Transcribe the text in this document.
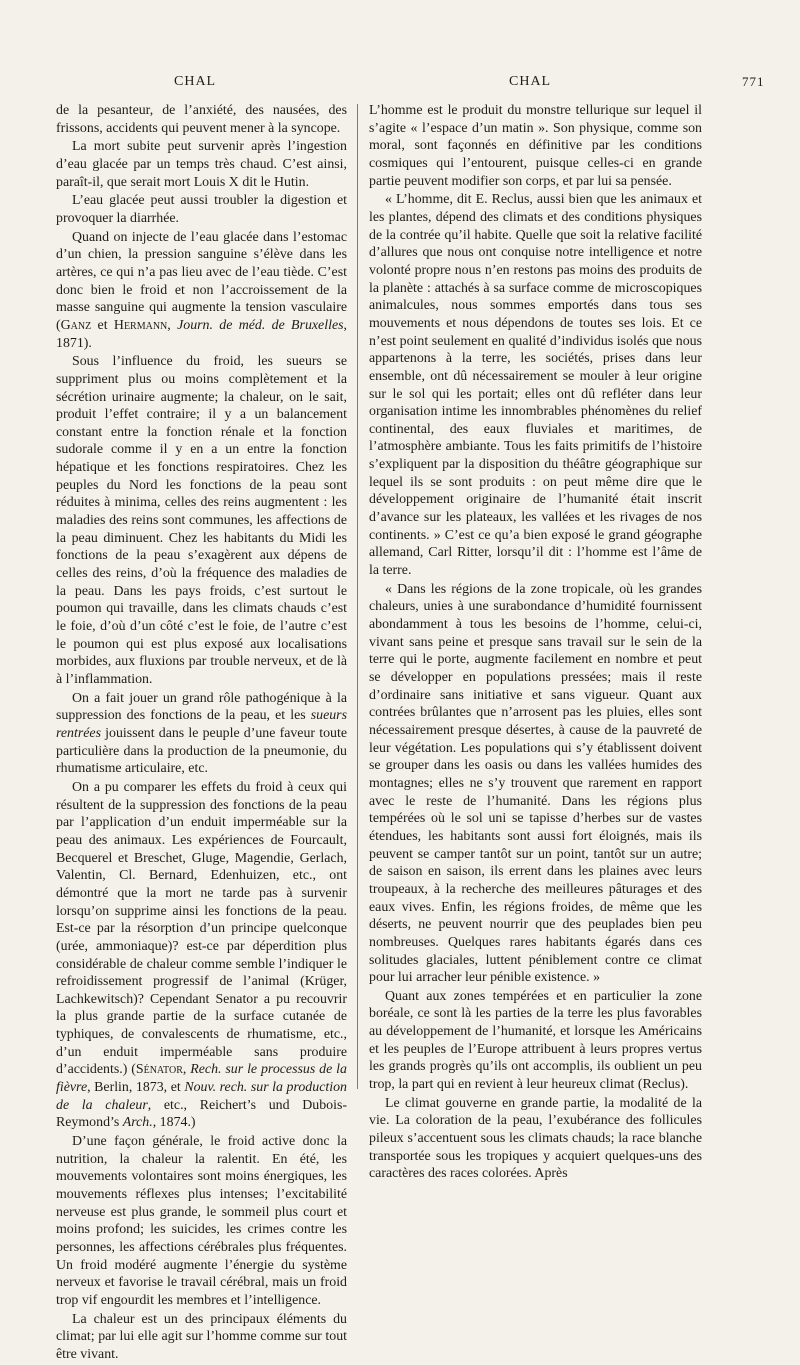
CHAL	CHAL	771

de la pesanteur, de l’anxiété, des nausées, des frissons, accidents qui peuvent mener à la syncope.

La mort subite peut survenir après l’ingestion d’eau glacée par un temps très chaud. C’est ainsi, paraît-il, que serait mort Louis X dit le Hutin.

L’eau glacée peut aussi troubler la digestion et provoquer la diarrhée.

Quand on injecte de l’eau glacée dans l’estomac d’un chien, la pression sanguine s’élève dans les artères, ce qui n’a pas lieu avec de l’eau tiède. C’est donc bien le froid et non l’accroissement de la masse sanguine qui augmente la tension vasculaire (Ganz et Hermann, Journ. de méd. de Bruxelles, 1871).

Sous l’influence du froid, les sueurs se suppriment plus ou moins complètement et la sécrétion urinaire augmente; la chaleur, on le sait, produit l’effet contraire; il y a un balancement constant entre la fonction rénale et la fonction sudorale comme il y en a un entre la fonction hépatique et les fonctions respiratoires. Chez les peuples du Nord les fonctions de la peau sont réduites à minima, celles des reins augmentent : les maladies des reins sont communes, les affections de la peau diminuent. Chez les habitants du Midi les fonctions de la peau s’exagèrent aux dépens de celles des reins, d’où la fréquence des maladies de la peau. Dans les pays froids, c’est surtout le poumon qui travaille, dans les climats chauds c’est le foie, d’où d’un côté c’est le foie, de l’autre c’est le poumon qui est plus exposé aux localisations morbides, aux fluxions par trouble nerveux, et de là à l’inflammation.

On a fait jouer un grand rôle pathogénique à la suppression des fonctions de la peau, et les sueurs rentrées jouissent dans le peuple d’une faveur toute particulière dans la production de la pneumonie, du rhumatisme articulaire, etc.

On a pu comparer les effets du froid à ceux qui résultent de la suppression des fonctions de la peau par l’application d’un enduit imperméable sur la peau des animaux. Les expériences de Fourcault, Becquerel et Breschet, Gluge, Magendie, Gerlach, Valentin, Cl. Bernard, Edenhuizen, etc., ont démontré que la mort ne tarde pas à survenir lorsqu’on supprime ainsi les fonctions de la peau. Est-ce par la résorption d’un principe quelconque (urée, ammoniaque)? est-ce par déperdition plus considérable de chaleur comme semble l’indiquer le refroidissement progressif de l’animal (Krüger, Lachkewitsch)? Cependant Senator a pu recouvrir la plus grande partie de la surface cutanée de typhiques, de convalescents de rhumatisme, etc., d’un enduit imperméable sans produire d’accidents.) (Sénator, Rech. sur le processus de la fièvre, Berlin, 1873, et Nouv. rech. sur la production de la chaleur, etc., Reichert’s und Dubois-Reymond’s Arch., 1874.)

D’une façon générale, le froid active donc la nutrition, la chaleur la ralentit. En été, les mouvements volontaires sont moins énergiques, les mouvements réflexes plus intenses; l’excitabilité nerveuse est plus grande, le sommeil plus court et moins profond; les suicides, les crimes contre les personnes, les affections cérébrales plus fréquentes. Un froid modéré augmente l’énergie du système nerveux et favorise le travail cérébral, mais un froid trop vif engourdit les membres et l’intelligence.

La chaleur est un des principaux éléments du climat; par lui elle agit sur l’homme comme sur tout être vivant.

L’homme est le produit du monstre tellurique sur lequel il s’agite « l’espace d’un matin ». Son physique, comme son moral, sont façonnés en définitive par les conditions cosmiques qui l’entourent, puisque celles-ci en grande partie peuvent modifier son corps, et par lui sa pensée.

« L’homme, dit E. Reclus, aussi bien que les animaux et les plantes, dépend des climats et des conditions physiques de la contrée qu’il habite. Quelle que soit la relative facilité d’allures que nous ont conquise notre intelligence et notre volonté propre nous n’en restons pas moins des produits de la planète : attachés à sa surface comme de microscopiques animalcules, nous sommes emportés dans tous ses mouvements et nous dépendons de toutes ses lois. Et ce n’est point seulement en qualité d’individus isolés que nous appartenons à la terre, les sociétés, prises dans leur ensemble, ont dû nécessairement se mouler à leur origine sur le sol qui les portait; elles ont dû refléter dans leur organisation intime les innombrables phénomènes du relief continental, des eaux fluviales et maritimes, de l’atmosphère ambiante. Tous les faits primitifs de l’histoire s’expliquent par la disposition du théâtre géographique sur lequel ils se sont produits : on peut même dire que le développement originaire de l’humanité était inscrit d’avance sur les plateaux, les vallées et les rivages de nos continents. » C’est ce qu’a bien exposé le grand géographe allemand, Carl Ritter, lorsqu’il dit : l’homme est l’âme de la terre.

« Dans les régions de la zone tropicale, où les grandes chaleurs, unies à une surabondance d’humidité fournissent abondamment à tous les besoins de l’homme, celui-ci, vivant sans peine et presque sans travail sur le sein de la terre qui le porte, augmente facilement en nombre et peut se développer en populations pressées; mais il reste d’ordinaire sans initiative et sans vigueur. Quant aux contrées brûlantes que n’arrosent pas les pluies, elles sont nécessairement presque désertes, à cause de la pauvreté de leur végétation. Les populations qui s’y établissent doivent se grouper dans les oasis ou dans les vallées humides des montagnes; elles ne s’y trouvent que rarement en rapport avec le reste de l’humanité. Dans les régions plus tempérées où le sol uni se tapisse d’herbes sur de vastes étendues, les habitants sont aussi fort éloignés, mais ils peuvent se camper tantôt sur un point, tantôt sur un autre; de saison en saison, ils errent dans les plaines avec leurs troupeaux, à la recherche des meilleures pâturages et des eaux vives. Enfin, les régions froides, de même que les déserts, ne peuvent nourrir que des peuplades bien peu nombreuses. Quelques rares habitants égarés dans ces solitudes glaciales, luttent péniblement contre ce climat pour lui arracher leur pénible existence. »

Quant aux zones tempérées et en particulier la zone boréale, ce sont là les parties de la terre les plus favorables au développement de l’humanité, et lorsque les Américains et les peuples de l’Europe attribuent à leurs propres vertus les grands progrès qu’ils ont accomplis, ils oublient un peu trop, la part qui en revient à leur heureux climat (Reclus).

Le climat gouverne en grande partie, la modalité de la vie. La coloration de la peau, l’exubérance des follicules pileux s’accentuent sous les climats chauds; la race blanche transportée sous les tropiques y acquiert quelques-uns des caractères des races colorées. Après
